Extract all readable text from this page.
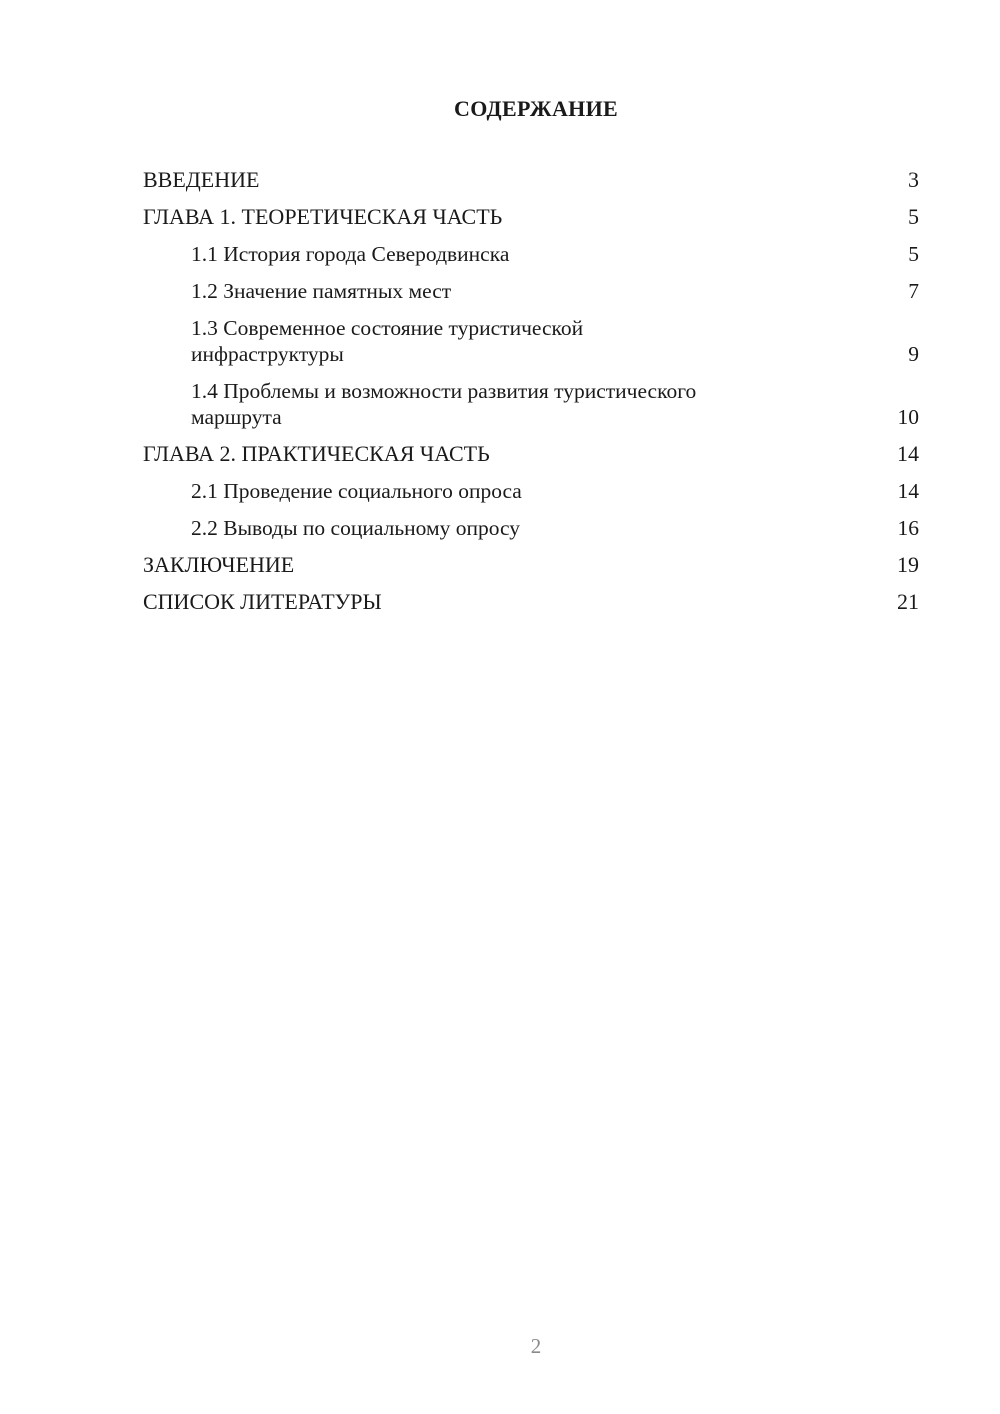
СОДЕРЖАНИЕ
ВВЕДЕНИЕ	3
ГЛАВА 1. ТЕОРЕТИЧЕСКАЯ ЧАСТЬ	5
1.1 История города Северодвинска	5
1.2 Значение памятных мест	7
1.3 Современное состояние туристической инфраструктуры	9
1.4 Проблемы и возможности развития туристического маршрута	10
ГЛАВА 2. ПРАКТИЧЕСКАЯ ЧАСТЬ	14
2.1 Проведение социального опроса	14
2.2 Выводы по социальному опросу	16
ЗАКЛЮЧЕНИЕ	19
СПИСОК ЛИТЕРАТУРЫ	21
2
